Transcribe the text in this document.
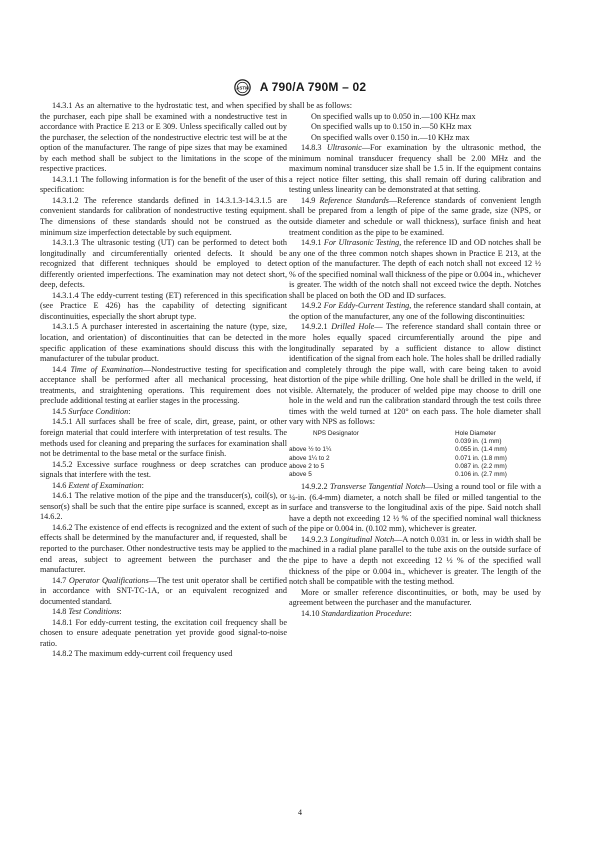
ASTM A 790/A 790M – 02

14.3.1 As an alternative to the hydrostatic test, and when specified by the purchaser, each pipe shall be examined with a nondestructive test in accordance with Practice E 213 or E 309. Unless specifically called out by the purchaser, the selection of the nondestructive electric test will be at the option of the manufacturer. The range of pipe sizes that may be examined by each method shall be subject to the limitations in the scope of the respective practices.

14.3.1.1 The following information is for the benefit of the user of this specification:

14.3.1.2 The reference standards defined in 14.3.1.3-14.3.1.5 are convenient standards for calibration of nondestructive testing equipment. The dimensions of these standards should not be construed as the minimum size imperfection detectable by such equipment.

14.3.1.3 The ultrasonic testing (UT) can be performed to detect both longitudinally and circumferentially oriented defects. It should be recognized that different techniques should be employed to detect differently oriented imperfections. The examination may not detect short, deep, defects.

14.3.1.4 The eddy-current testing (ET) referenced in this specification (see Practice E 426) has the capability of detecting significant discontinuities, especially the short abrupt type.

14.3.1.5 A purchaser interested in ascertaining the nature (type, size, location, and orientation) of discontinuities that can be detected in the specific application of these examinations should discuss this with the manufacturer of the tubular product.

14.4 Time of Examination—Nondestructive testing for specification acceptance shall be performed after all mechanical processing, heat treatments, and straightening operations. This requirement does not preclude additional testing at earlier stages in the processing.

14.5 Surface Condition:

14.5.1 All surfaces shall be free of scale, dirt, grease, paint, or other foreign material that could interfere with interpretation of test results. The methods used for cleaning and preparing the surfaces for examination shall not be detrimental to the base metal or the surface finish.

14.5.2 Excessive surface roughness or deep scratches can produce signals that interfere with the test.

14.6 Extent of Examination:

14.6.1 The relative motion of the pipe and the transducer(s), coil(s), or sensor(s) shall be such that the entire pipe surface is scanned, except as in 14.6.2.

14.6.2 The existence of end effects is recognized and the extent of such effects shall be determined by the manufacturer and, if requested, shall be reported to the purchaser. Other nondestructive tests may be applied to the end areas, subject to agreement between the purchaser and the manufacturer.

14.7 Operator Qualifications—The test unit operator shall be certified in accordance with SNT-TC-1A, or an equivalent recognized and documented standard.

14.8 Test Conditions:

14.8.1 For eddy-current testing, the excitation coil frequency shall be chosen to ensure adequate penetration yet provide good signal-to-noise ratio.

14.8.2 The maximum eddy-current coil frequency used

shall be as follows:

On specified walls up to 0.050 in.—100 KHz max

On specified walls up to 0.150 in.—50 KHz max

On specified walls over 0.150 in.—10 KHz max

14.8.3 Ultrasonic—For examination by the ultrasonic method, the minimum nominal transducer frequency shall be 2.00 MHz and the maximum nominal transducer size shall be 1.5 in. If the equipment contains a reject notice filter setting, this shall remain off during calibration and testing unless linearity can be demonstrated at that setting.

14.9 Reference Standards—Reference standards of convenient length shall be prepared from a length of pipe of the same grade, size (NPS, or outside diameter and schedule or wall thickness), surface finish and heat treatment condition as the pipe to be examined.

14.9.1 For Ultrasonic Testing, the reference ID and OD notches shall be any one of the three common notch shapes shown in Practice E 213, at the option of the manufacturer. The depth of each notch shall not exceed 12 ½ % of the specified nominal wall thickness of the pipe or 0.004 in., whichever is greater. The width of the notch shall not exceed twice the depth. Notches shall be placed on both the OD and ID surfaces.

14.9.2 For Eddy-Current Testing, the reference standard shall contain, at the option of the manufacturer, any one of the following discontinuities:

14.9.2.1 Drilled Hole— The reference standard shall contain three or more holes equally spaced circumferentially around the pipe and longitudinally separated by a sufficient distance to allow distinct identification of the signal from each hole. The holes shall be drilled radially and completely through the pipe wall, with care being taken to avoid distortion of the pipe while drilling. One hole shall be drilled in the weld, if visible. Alternately, the producer of welded pipe may choose to drill one hole in the weld and run the calibration standard through the test coils three times with the weld turned at 120° on each pass. The hole diameter shall vary with NPS as follows:

NPS Designator	Hole Diameter
	0.039 in. (1 mm)
above ½ to 1¼	0.055 in. (1.4 mm)
above 1¼ to 2	0.071 in. (1.8 mm)
above 2 to 5	0.087 in. (2.2 mm)
above 5	0.106 in. (2.7 mm)

14.9.2.2 Transverse Tangential Notch—Using a round tool or file with a ¼-in. (6.4-mm) diameter, a notch shall be filed or milled tangential to the surface and transverse to the longitudinal axis of the pipe. Said notch shall have a depth not exceeding 12 ½ % of the specified nominal wall thickness of the pipe or 0.004 in. (0.102 mm), whichever is greater.

14.9.2.3 Longitudinal Notch—A notch 0.031 in. or less in width shall be machined in a radial plane parallel to the tube axis on the outside surface of the pipe to have a depth not exceeding 12 ½ % of the specified wall thickness of the pipe or 0.004 in., whichever is greater. The length of the notch shall be compatible with the testing method.

More or smaller reference discontinuities, or both, may be used by agreement between the purchaser and the manufacturer.

14.10 Standardization Procedure:

4
